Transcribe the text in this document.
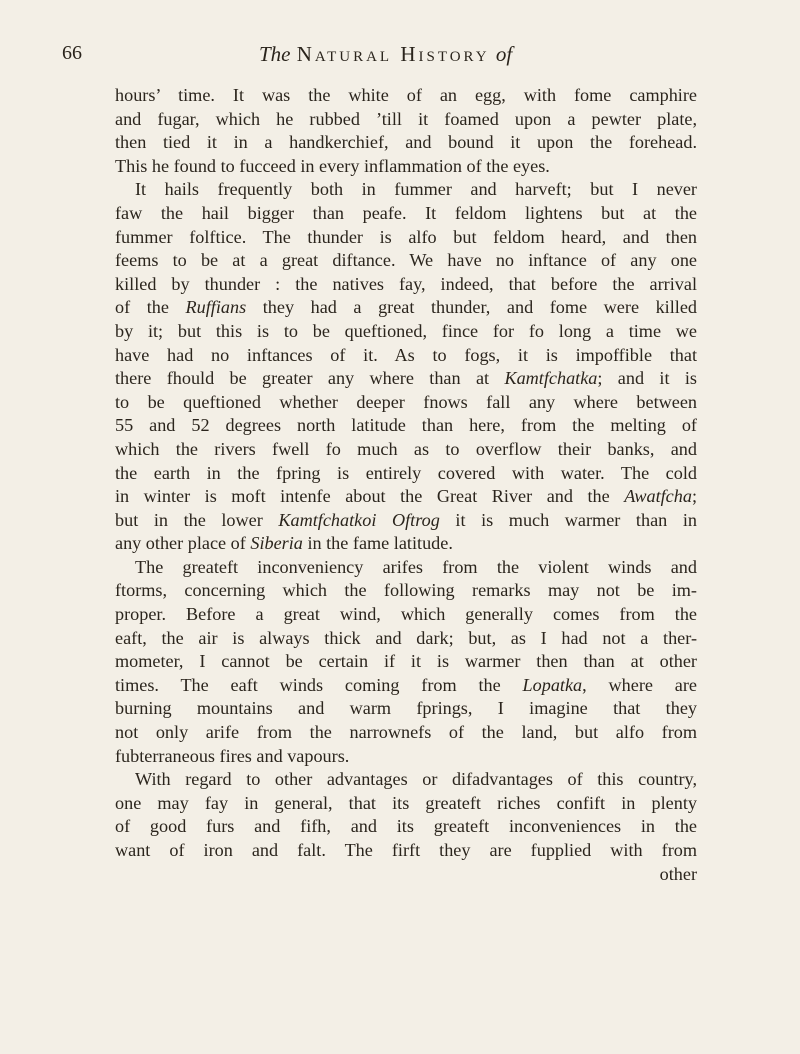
66	The Natural History of
hours’ time. It was the white of an egg, with fome camphire
and fugar, which he rubbed ’till it foamed upon a pewter plate,
then tied it in a handkerchief, and bound it upon the forehead.
This he found to fucceed in every inflammation of the eyes.
It hails frequently both in fummer and harveft; but I never
faw the hail bigger than peafe. It feldom lightens but at the
fummer folftice. The thunder is alfo but feldom heard, and then
feems to be at a great diftance. We have no inftance of any one
killed by thunder : the natives fay, indeed, that before the arrival
of the Ruffians they had a great thunder, and fome were killed
by it; but this is to be queftioned, fince for fo long a time we
have had no inftances of it. As to fogs, it is impoffible that
there fhould be greater any where than at Kamtfchatka; and it is
to be queftioned whether deeper fnows fall any where between
55 and 52 degrees north latitude than here, from the melting of
which the rivers fwell fo much as to overflow their banks, and
the earth in the fpring is entirely covered with water. The cold
in winter is moft intenfe about the Great River and the Awatfcha;
but in the lower Kamtfchatkoi Oftrog it is much warmer than in
any other place of Siberia in the fame latitude.
The greateft inconveniency arifes from the violent winds and
ftorms, concerning which the following remarks may not be im-
proper. Before a great wind, which generally comes from the
eaft, the air is always thick and dark; but, as I had not a ther-
mometer, I cannot be certain if it is warmer then than at other
times. The eaft winds coming from the Lopatka, where are
burning mountains and warm fprings, I imagine that they
not only arife from the narrownefs of the land, but alfo from
fubterraneous fires and vapours.
With regard to other advantages or difadvantages of this country,
one may fay in general, that its greateft riches confift in plenty
of good furs and fifh, and its greateft inconveniences in the
want of iron and falt. The firft they are fupplied with from
other
